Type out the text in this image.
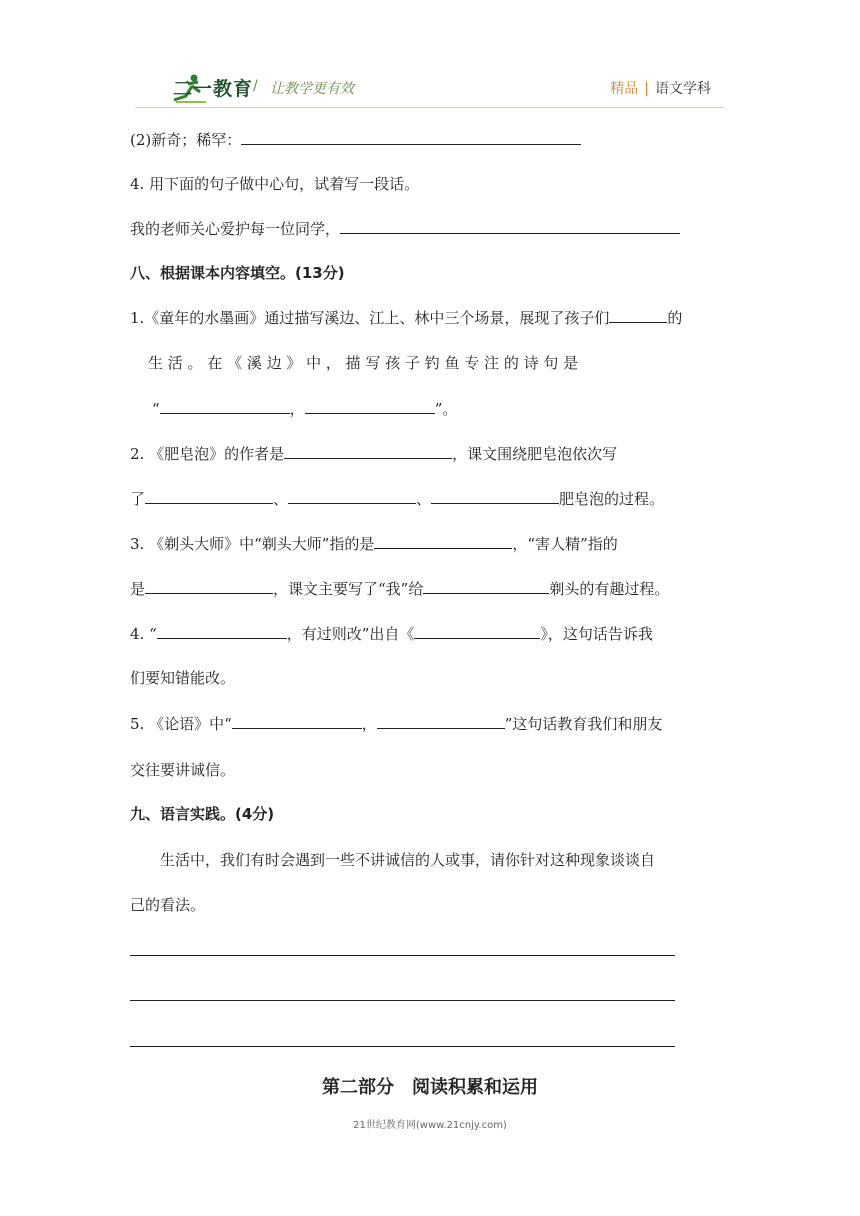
二一教育 / 让教学更有效	精品 | 语文学科
(2)新奇；稀罕：
4. 用下面的句子做中心句，试着写一段话。
我的老师关心爱护每一位同学，
八、根据课本内容填空。(13分)
1.《童年的水墨画》通过描写溪边、江上、林中三个场景，展现了孩子们	的
生 活 。 在 《 溪 边 》 中 ， 描 写 孩 子 钓 鱼 专 注 的 诗 句 是
“	，	”。
2. 《肥皂泡》的作者是	，课文围绕肥皂泡依次写
了	、	、	肥皂泡的过程。
3. 《剃头大师》中“剃头大师”指的是	，“害人精”指的
是	，课文主要写了“我”给	剃头的有趣过程。
4. “	，有过则改”出自《	》，这句话告诉我
们要知错能改。
5. 《论语》中“	，	”这句话教育我们和朋友
交往要讲诚信。
九、语言实践。(4分)
生活中，我们有时会遇到一些不讲诚信的人或事，请你针对这种现象谈谈自
己的看法。
第二部分　阅读积累和运用
21世纪教育网(www.21cnjy.com)
